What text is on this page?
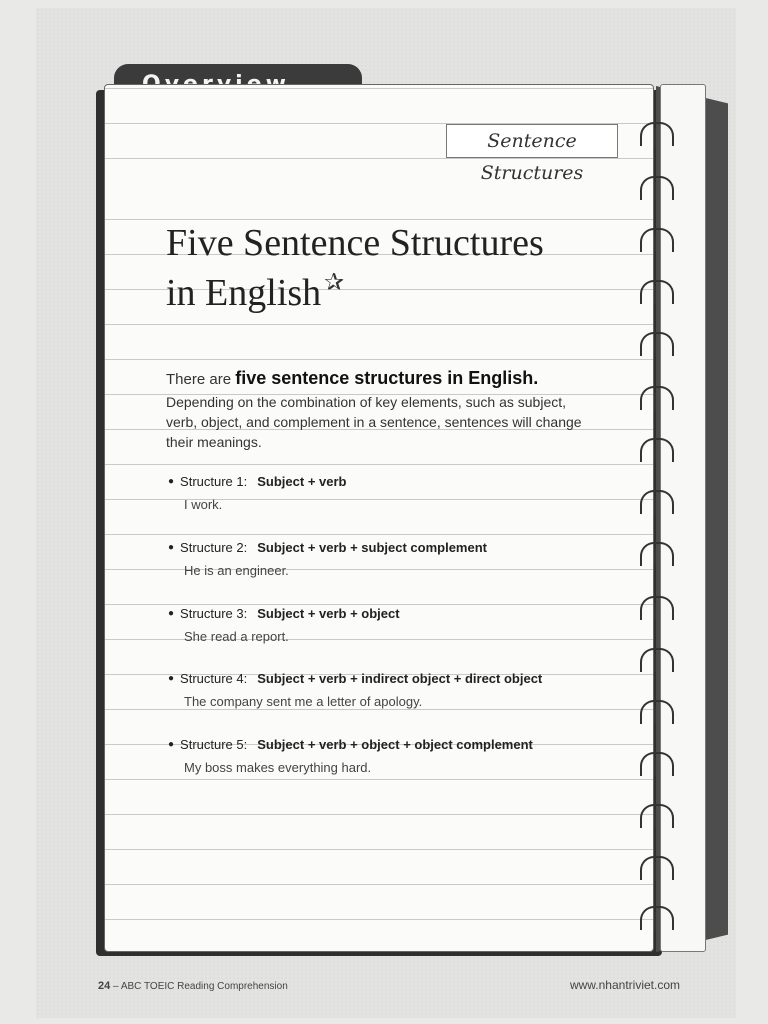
Sentence Structures
Five Sentence Structures
in English ✰
There are five sentence structures in English.
Depending on the combination of key elements, such as subject, verb, object, and complement in a sentence, sentences will change their meanings.
● Structure 1: Subject + verb
I work.
● Structure 2: Subject + verb + subject complement
He is an engineer.
● Structure 3: Subject + verb + object
She read a report.
● Structure 4: Subject + verb + indirect object + direct object
The company sent me a letter of apology.
● Structure 5: Subject + verb + object + object complement
My boss makes everything hard.
24 – ABC TOEIC Reading Comprehension	www.nhantriviet.com
